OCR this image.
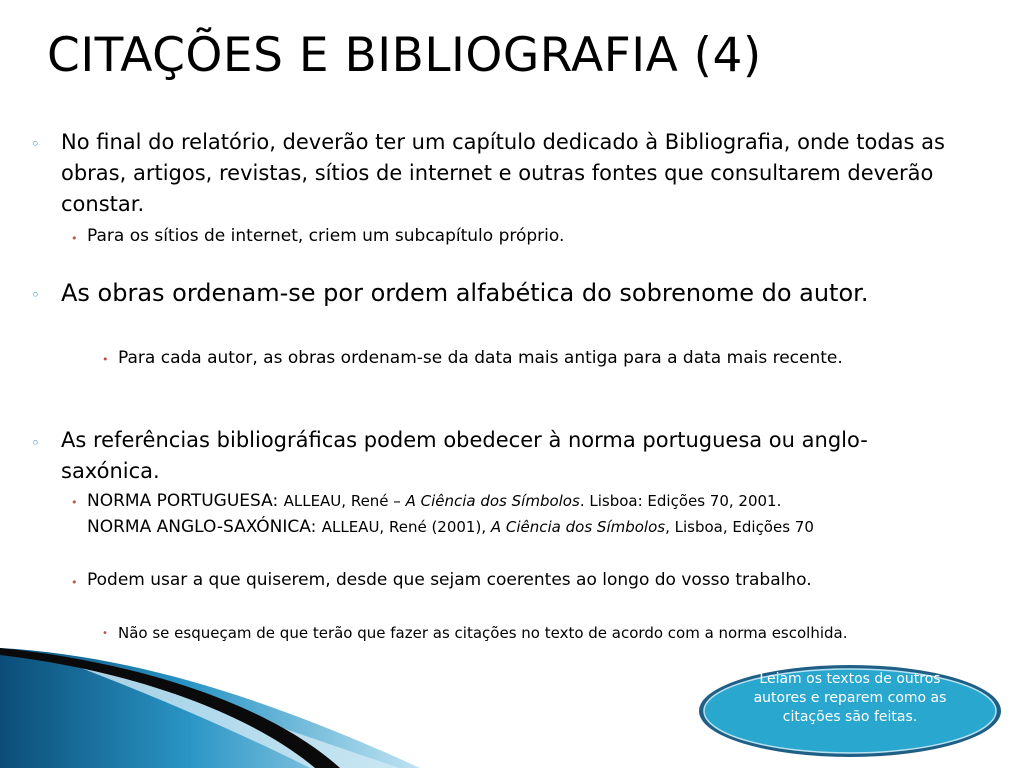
CITAÇÕES E BIBLIOGRAFIA (4)
◦ No final do relatório, deverão ter um capítulo dedicado à Bibliografia, onde todas as obras, artigos, revistas, sítios de internet e outras fontes que consultarem deverão constar.
• Para os sítios de internet, criem um subcapítulo próprio.
◦ As obras ordenam-se por ordem alfabética do sobrenome do autor.
• Para cada autor, as obras ordenam-se da data mais antiga para a data mais recente.
◦ As referências bibliográficas podem obedecer à norma portuguesa ou anglo-saxónica.
• NORMA PORTUGUESA: ALLEAU, René – A Ciência dos Símbolos. Lisboa: Edições 70, 2001.
NORMA ANGLO-SAXÓNICA: ALLEAU, René (2001), A Ciência dos Símbolos, Lisboa, Edições 70
• Podem usar a que quiserem, desde que sejam coerentes ao longo do vosso trabalho.
• Não se esqueçam de que terão que fazer as citações no texto de acordo com a norma escolhida.
Leiam os textos de outros autores e reparem como as citações são feitas.
